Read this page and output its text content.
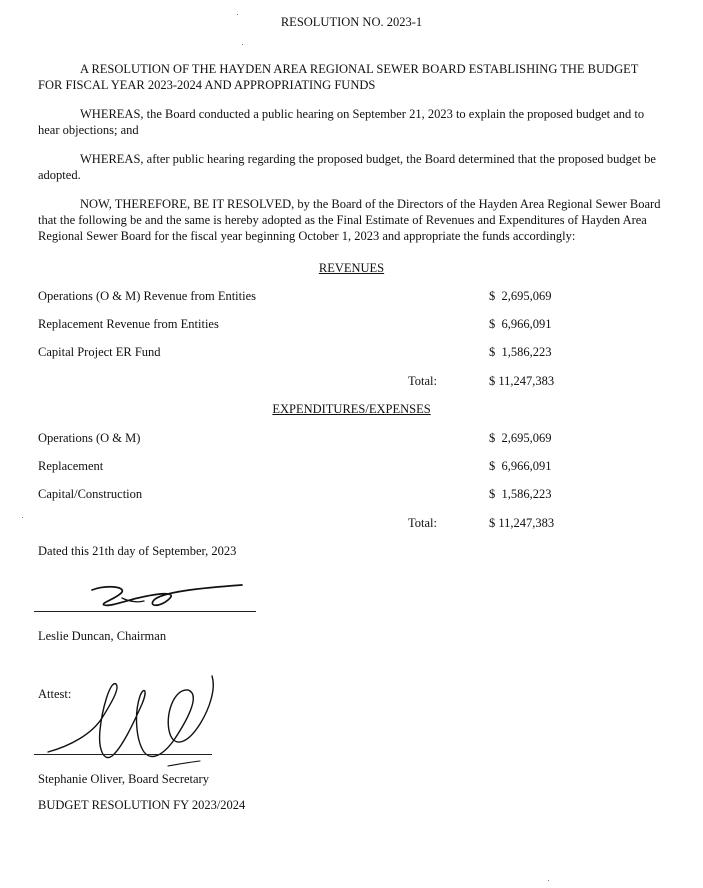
RESOLUTION NO. 2023-1
A RESOLUTION OF THE HAYDEN AREA REGIONAL SEWER BOARD ESTABLISHING THE BUDGET FOR FISCAL YEAR 2023-2024 AND APPROPRIATING FUNDS
WHEREAS, the Board conducted a public hearing on September 21, 2023 to explain the proposed budget and to hear objections; and
WHEREAS, after public hearing regarding the proposed budget, the Board determined that the proposed budget be adopted.
NOW, THEREFORE, BE IT RESOLVED, by the Board of the Directors of the Hayden Area Regional Sewer Board that the following be and the same is hereby adopted as the Final Estimate of Revenues and Expenditures of Hayden Area Regional Sewer Board for the fiscal year beginning October 1, 2023 and appropriate the funds accordingly:
REVENUES
Operations (O & M) Revenue from Entities	$  2,695,069
Replacement Revenue from Entities	$  6,966,091
Capital Project ER Fund	$  1,586,223
Total:	$ 11,247,383
EXPENDITURES/EXPENSES
Operations (O & M)	$  2,695,069
Replacement	$  6,966,091
Capital/Construction	$  1,586,223
Total:	$ 11,247,383
Dated this 21th day of September, 2023
Leslie Duncan, Chairman
Attest:
Stephanie Oliver, Board Secretary
BUDGET RESOLUTION FY 2023/2024
